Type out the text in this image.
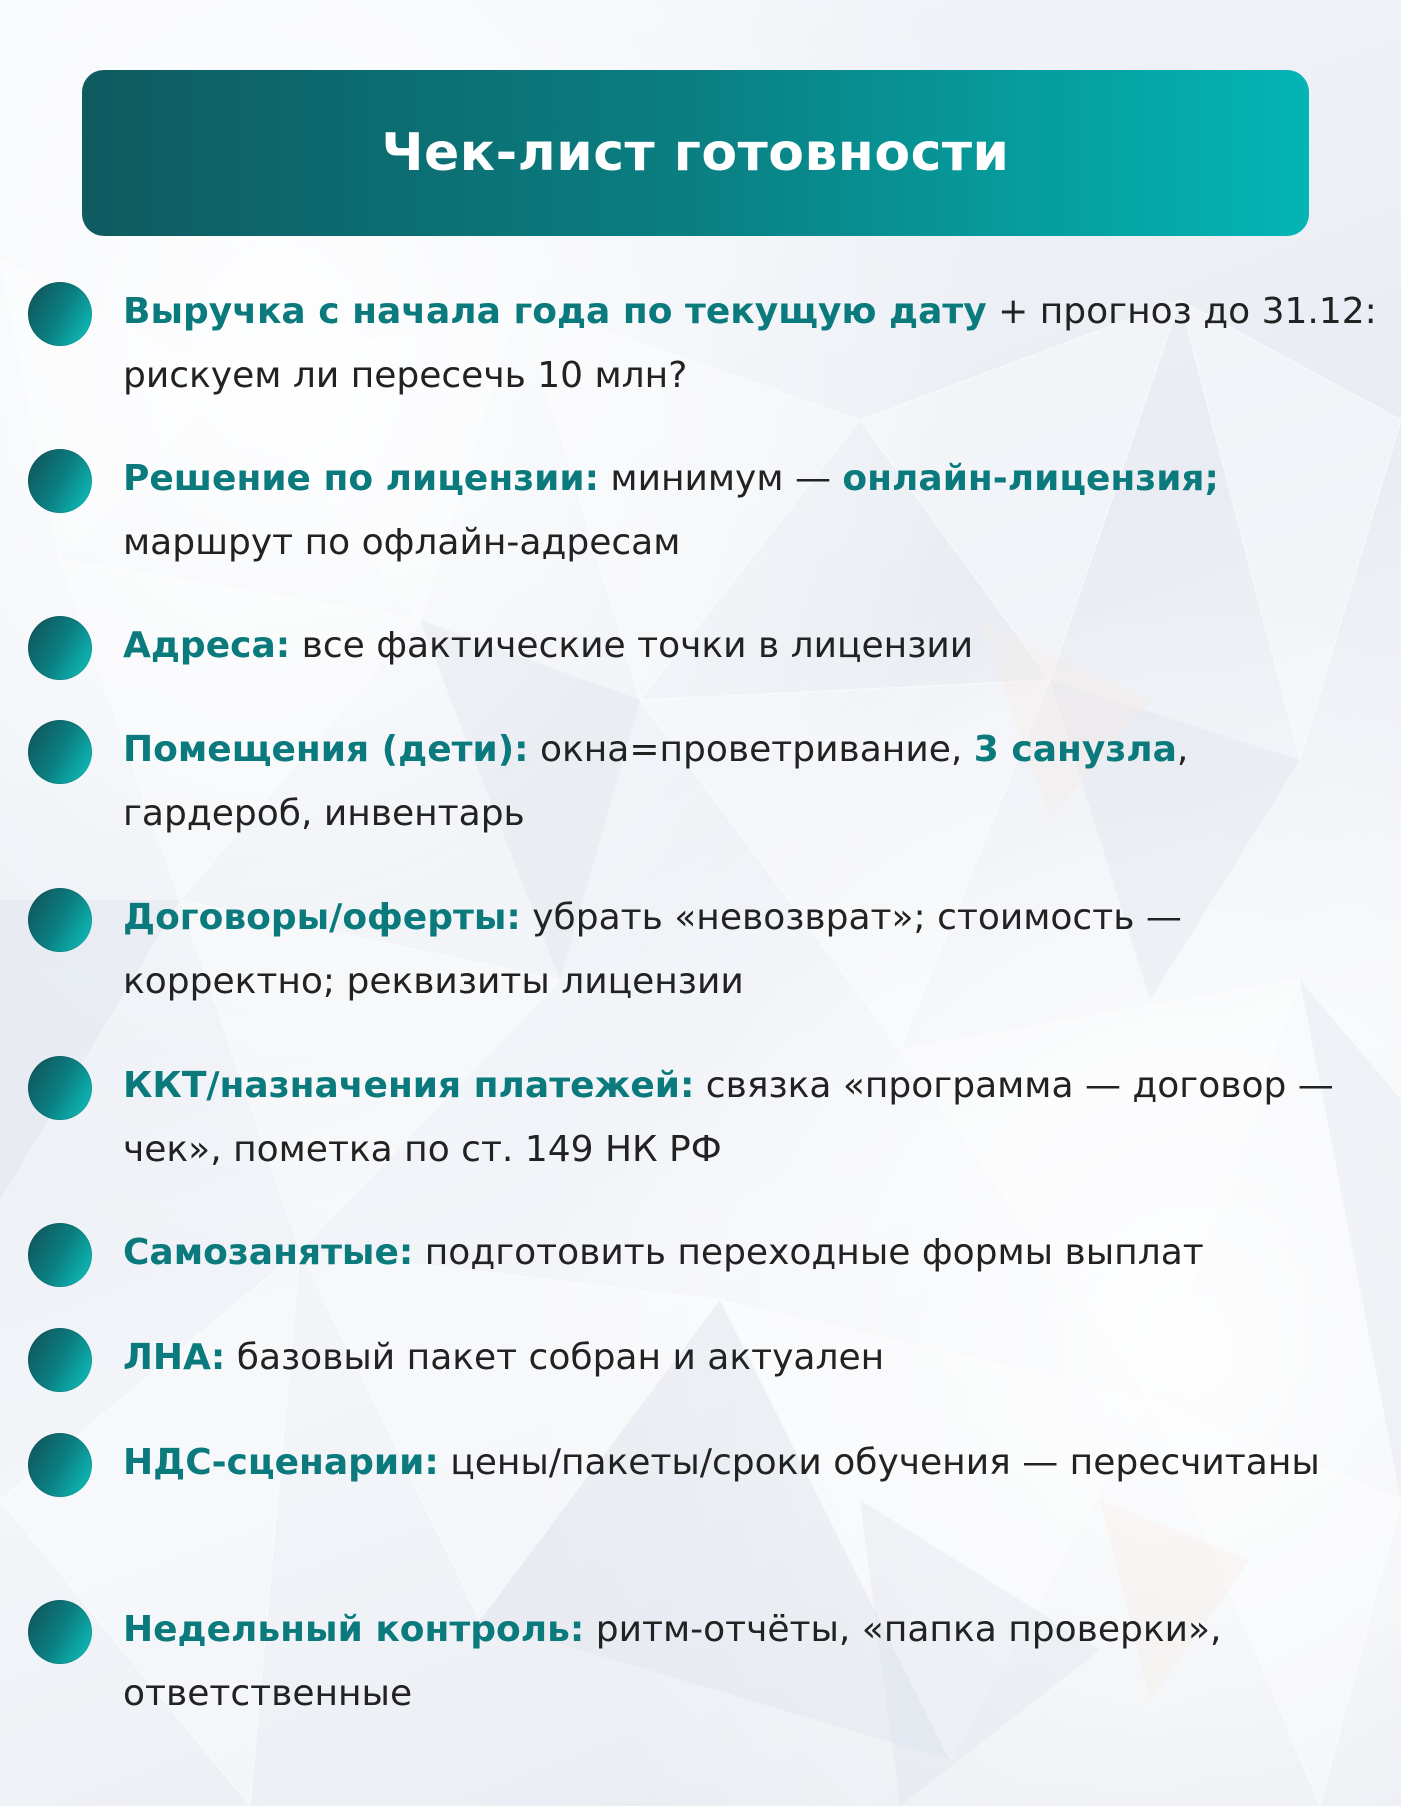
Чек-лист готовности
Выручка с начала года по текущую дату + прогноз до 31.12: рискуем ли пересечь 10 млн?
Решение по лицензии: минимум — онлайн-лицензия; маршрут по офлайн-адресам
Адреса: все фактические точки в лицензии
Помещения (дети): окна=проветривание, 3 санузла, гардероб, инвентарь
Договоры/оферты: убрать «невозврат»; стоимость — корректно; реквизиты лицензии
ККТ/назначения платежей: связка «программа — договор — чек», пометка по ст. 149 НК РФ
Самозанятые: подготовить переходные формы выплат
ЛНА: базовый пакет собран и актуален
НДС-сценарии: цены/пакеты/сроки обучения — пересчитаны
Недельный контроль: ритм-отчёты, «папка проверки», ответственные
